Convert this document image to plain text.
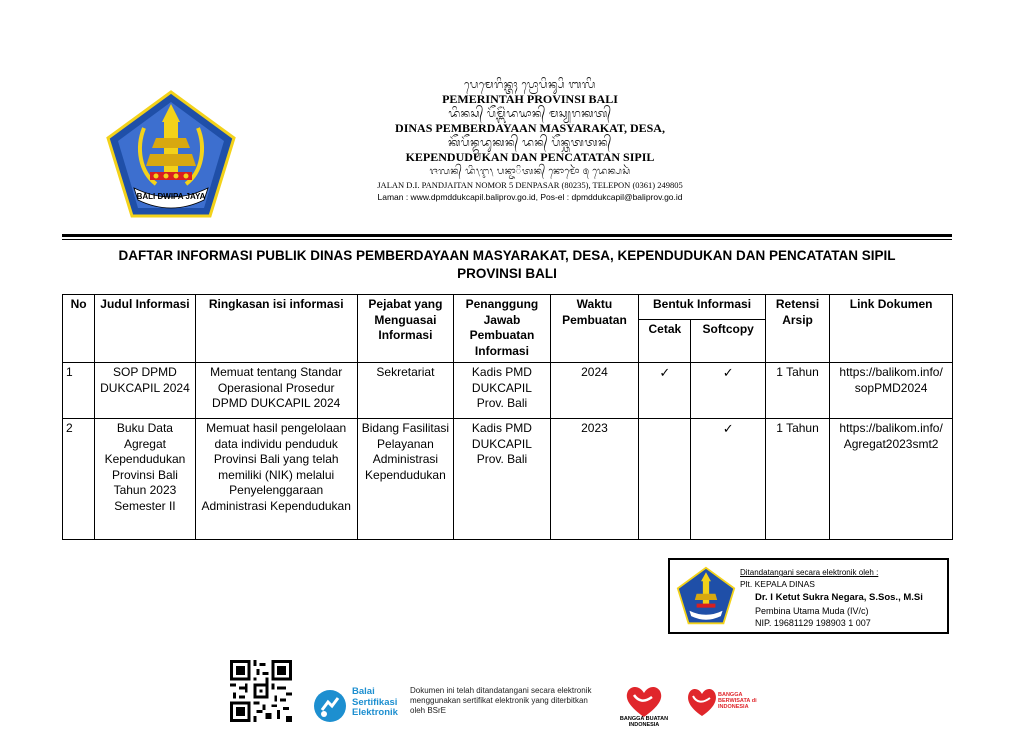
BALI DWIPA JAYA
ᬧᬾᬫᬾᬭᬶᬦ᭄ᬢᬄ ᬧ᭄ᬭᭀᬧᬶᬦ᭄ᬲᬶ ᬩᬮᬶ
PEMERINTAH PROVINSI BALI
ᬤᬶᬦᬲ᭄ ᬧᭂᬫ᭄ᬩᭂᬃᬤᬬᬵᬦ᭄ ᬫᬲ᭄ᬬᬭᬓᬢ᭄
DINAS PEMBERDAYAAN MASYARAKAT, DESA,
ᬓᭂᬧᭂᬦ᭄ᬤᬸᬤᬸᬓᬦ᭄ ᬤᬦ᭄ ᬧᭂᬦ᭄ᬘᬢᬢᬦ᭄
KEPENDUDUKAN DAN PENCATATAN SIPIL
ᬚᬮᬦ᭄ ᬤᬶ᭞ᬇ᭞ ᬧᬦ᭄ᬚᬵᬶᬢᬦ᭄ ᬦᭀᬫᭀᬃ ᭕ ᬤᬾᬦ᭄ᬧᬲᬃ
JALAN D.I. PANDJAITAN NOMOR 5 DENPASAR (80235), TELEPON (0361) 249805
Laman : www.dpmddukcapil.baliprov.go.id, Pos-el : dpmddukcapil@baliprov.go.id
DAFTAR INFORMASI PUBLIK DINAS PEMBERDAYAAN MASYARAKAT, DESA, KEPENDUDUKAN DAN PENCATATAN SIPIL
PROVINSI BALI
No	Judul Informasi	Ringkasan isi informasi	Pejabat yang Menguasai Informasi	Penanggung Jawab Pembuatan Informasi	Waktu Pembuatan	Bentuk Informasi		Retensi Arsip	Link Dokumen
						Cetak	Softcopy		
1	SOP DPMD DUKCAPIL 2024	Memuat tentang Standar Operasional Prosedur DPMD DUKCAPIL 2024	Sekretariat	Kadis PMD DUKCAPIL Prov. Bali	2024	✓	✓	1 Tahun	https://balikom.info/ sopPMD2024
2	Buku Data Agregat Kependudukan Provinsi Bali Tahun 2023 Semester II	Memuat hasil pengelolaan data individu penduduk Provinsi Bali yang telah memiliki (NIK) melalui Penyelenggaraan Administrasi Kependudukan	Bidang Fasilitasi Pelayanan Administrasi Kependudukan	Kadis PMD DUKCAPIL Prov. Bali	2023		✓	1 Tahun	https://balikom.info/ Agregat2023smt2
Ditandatangani secara elektronik oleh :
Plt. KEPALA DINAS
Dr. I Ketut Sukra Negara, S.Sos., M.Si
Pembina Utama Muda (IV/c)
NIP. 19681129 198903 1 007
Balai
Sertifikasi
Elektronik
Dokumen ini telah ditandatangani secara elektronik menggunakan sertifikat elektronik yang diterbitkan oleh BSrE
BANGGA BUATAN INDONESIA
BANGGA BERWISATA di INDONESIA
